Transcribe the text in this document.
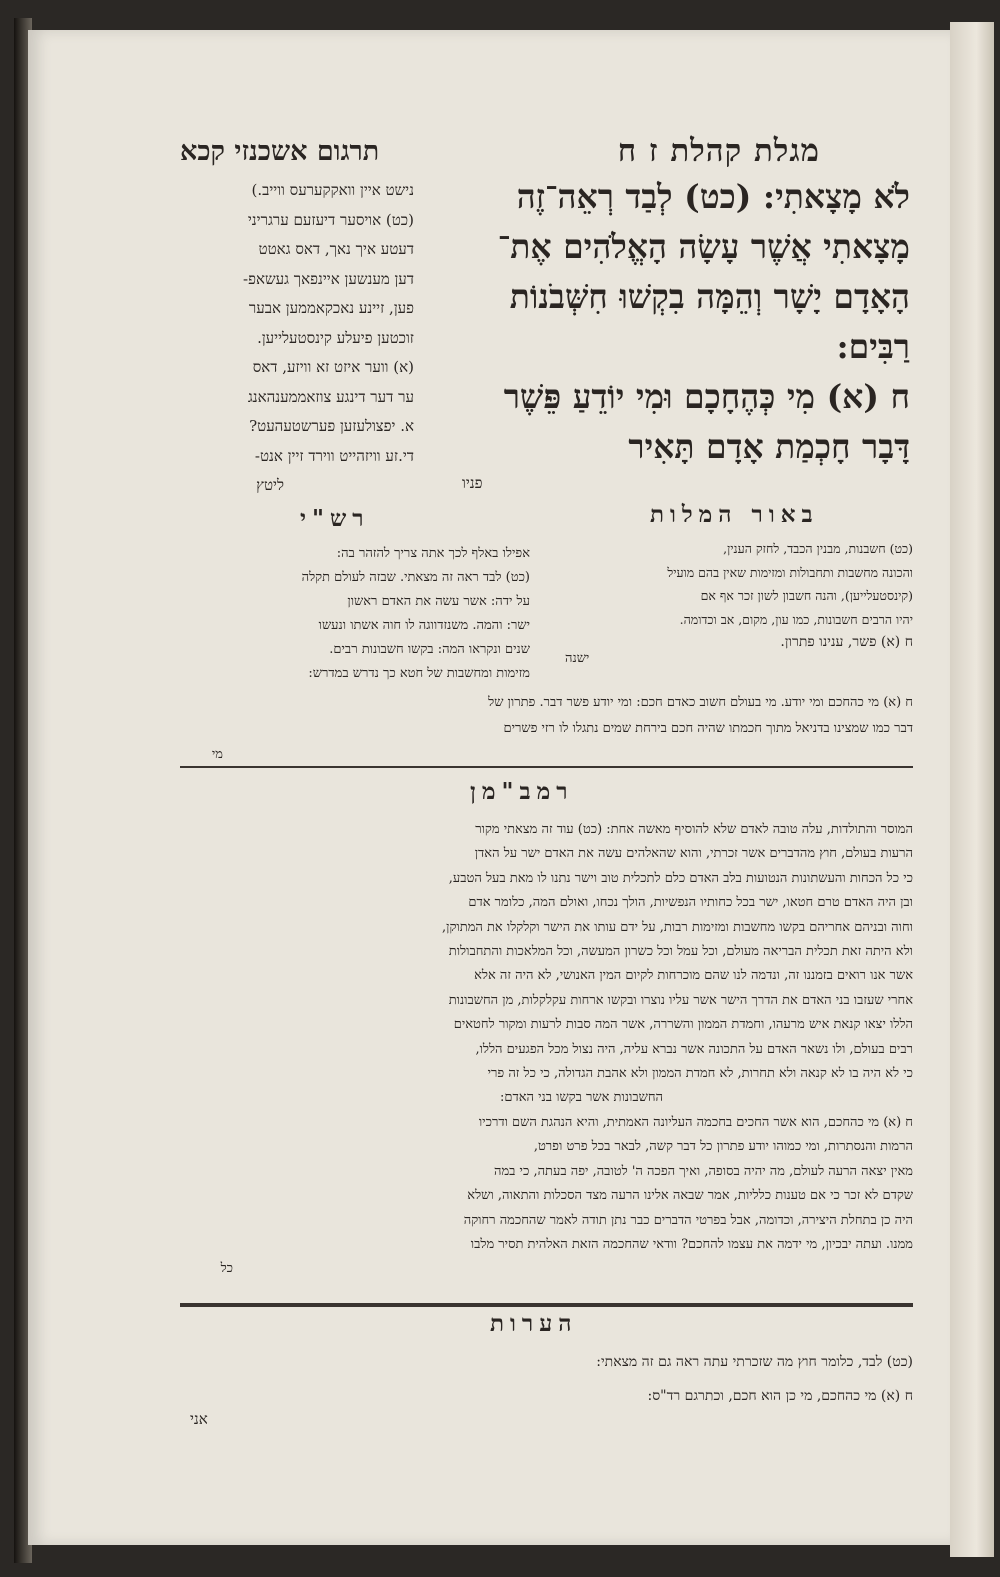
מגלת קהלת ז ח
תרגום אשכנזי קכא
לֹא מָצָאתִי: (כט) לְבַד רְאֵה־זֶה
מָצָאתִי אֲשֶׁר עָשָׂה הָאֱלֹהִים אֶת־
הָאָדָם יָשָׁר וְהֵמָּה בִקְשׁוּ חִשְּׁבֹנוֹת
רַבִּים:
ח (א) מִי כְּהֶחָכָם וּמִי יוֹדֵעַ פֵּשֶׁר
דָּבָר חָכְמַת אָדָם תָּאִיר
פניו
נישט איין וואקקערעס ווייב.)
(כט) אויסער דיעזעם ערגריני
דעטע איך נאך, דאס גאטט
דען מענשען איינפאך געשאפ-
פען, זיינע נאכקאממען אבער
זוכטען פיעלע קינסטעלייען.
(א) ווער איזט זא וויזע, דאס
ער דער דינגע צוזאממענהאנג
א. יפצולעזען פערשטעהעט?
די.זע וויזהייט ווירד זיין אנט-
ליטץ
באור המלות
רש"י
(כט) חשבנות, מבנין הכבד, לחזק הענין,
והכונה מחשבות ותחבולות ומזימות שאין בהם מועיל
(קינסטעלייען), והנה חשבון לשון זכר אף אם
יהיו הרבים חשבונות, כמו עון, מקום, אב וכדומה.
ח (א) פשר, ענינו פתרון.
אפילו באלף לכך אתה צריך להזהר בה:
(כט) לבד ראה זה מצאתי. שבזה לעולם תקלה
על ידה: אשר עשה את האדם ראשון
ישר: והמה. משנזדווגה לו חוה אשתו ונעשו
שנים ונקראו המה: בקשו חשבונות רבים.
מזימות ומחשבות של חטא כך נדרש במדרש:
ישנה
ח (א) מי כהחכם ומי יודע. מי בעולם חשוב כאדם חכם: ומי יודע פשר דבר. פתרון של
דבר כמו שמצינו בדניאל מתוך חכמתו שהיה חכם בירחת שמים נתגלו לו רזי פשרים
מי
רמב"מן
המוסר והתולדות, עלה טובה לאדם שלא להוסיף מאשה אחת: (כט) עוד זה מצאתי מקור
הרעות בעולם, חוץ מהדברים אשר זכרתי, והוא שהאלהים עשה את האדם ישר על האדן
כי כל הכחות והעשתונות הנטועות בלב האדם כלם לתכלית טוב וישר נתנו לו מאת בעל הטבע,
ובן היה האדם טרם חטאו, ישר בכל כחותיו הנפשיות, הולך נכחו, ואולם המה, כלומר אדם
וחוה ובניהם אחריהם בקשו מחשבות ומזימות רבות, על ידם עותו את הישר וקלקלו את המתוקן,
ולא היתה זאת תכלית הבריאה מעולם, וכל עמל וכל כשרון המעשה, וכל המלאכות והתחבולות
אשר אנו רואים בזמננו זה, ונדמה לנו שהם מוכרחות לקיום המין האנושי, לא היה זה אלא
אחרי שעזבו בני האדם את הדרך הישר אשר עליו נוצרו ובקשו ארחות עקלקלות, מן החשבונות
הללו יצאו קנאת איש מרעהו, וחמדת הממון והשררה, אשר המה סבות לרעות ומקור לחטאים
רבים בעולם, ולו נשאר האדם על התכונה אשר נברא עליה, היה נצול מכל הפגעים הללו,
כי לא היה בו לא קנאה ולא תחרות, לא חמדת הממון ולא אהבת הגדולה, כי כל זה פרי
החשבונות אשר בקשו בני האדם:
ח (א) מי כהחכם, הוא אשר החכים בחכמה העליונה האמתית, והיא הנהגת השם ודרכיו
הרמות והנסתרות, ומי כמוהו יודע פתרון כל דבר קשה, לבאר בכל פרט ופרט,
מאין יצאה הרעה לעולם, מה יהיה בסופה, ואיך הפכה ה' לטובה, יפה בעתה, כי במה
שקדם לא זכר כי אם טענות כלליות, אמר שבאה אלינו הרעה מצד הסכלות והתאוה, ושלא
היה כן בתחלת היצירה, וכדומה, אבל בפרטי הדברים כבר נתן תודה לאמר שהחכמה רחוקה
ממנו. ועתה יבכיון, מי ידמה את עצמו להחכם? וודאי שהחכמה הזאת האלהית תסיר מלבו
כל
הערות
(כט) לבד, כלומר חוץ מה שזכרתי עתה ראה גם זה מצאתי:
ח (א) מי כהחכם, מי כן הוא חכם, וכתרגם רד"ס:
אני
